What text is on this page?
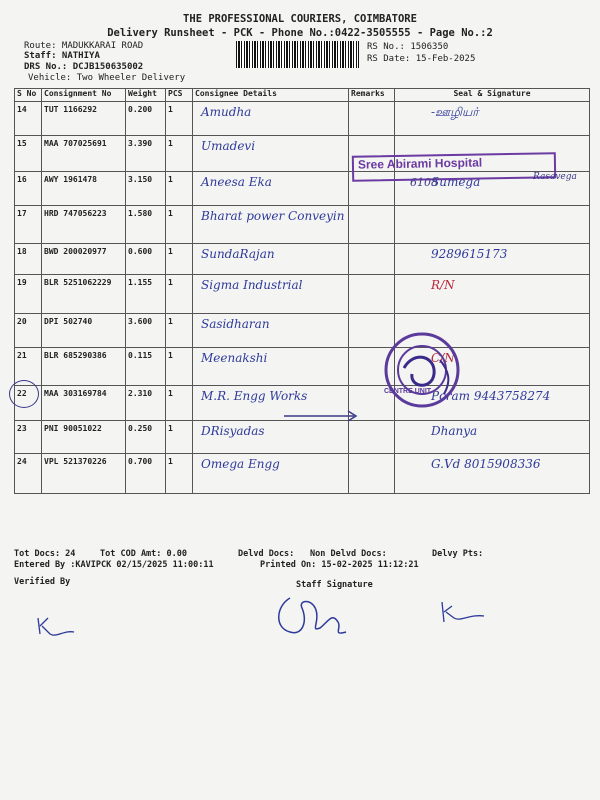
THE PROFESSIONAL COURIERS, COIMBATORE
Delivery Runsheet - PCK - Phone No.:0422-3505555 - Page No.:2
Route: MADUKKARAI ROAD
Staff: NATHIYA
DRS No.: DCJB150635002
Vehicle: Two Wheeler Delivery
RS No.: 1506350
RS Date: 15-Feb-2025
S No	Consignment No	Weight	PCS	Consignee Details	Remarks	Seal & Signature
14	TUT 1166292	0.200	1	Amudha		-ஊழியர்
15	MAA 707025691	3.390	1	Umadevi		
16	AWY 1961478	3.150	1	Aneesa Eka		Sumega
17	HRD 747056223	1.580	1	Bharat power Conveyin		
18	BWD 200020977	0.600	1	SundaRajan		9289615173
19	BLR 5251062229	1.155	1	Sigma Industrial		R/N
20	DPI 502740	3.600	1	Sasidharan		
21	BLR 685290386	0.115	1	Meenakshi		C/N
22	MAA 303169784	2.310	1	M.R. Engg Works		Pcram 9443758274
23	PNI 90051022	0.250	1	DRisyadas		Dhanya
24	VPL 521370226	0.700	1	Omega Engg		G.Vd 8015908336
Sree Abirami Hospital
6108	Rasavega
CENTRE UNIT
Tot Docs: 24	Tot COD Amt: 0.00	Delvd Docs: Non Delvd Docs:	Delvy Pts:
Entered By :KAVIPCK 02/15/2025 11:00:11	Printed On: 15-02-2025 11:12:21
Verified By	Staff Signature
